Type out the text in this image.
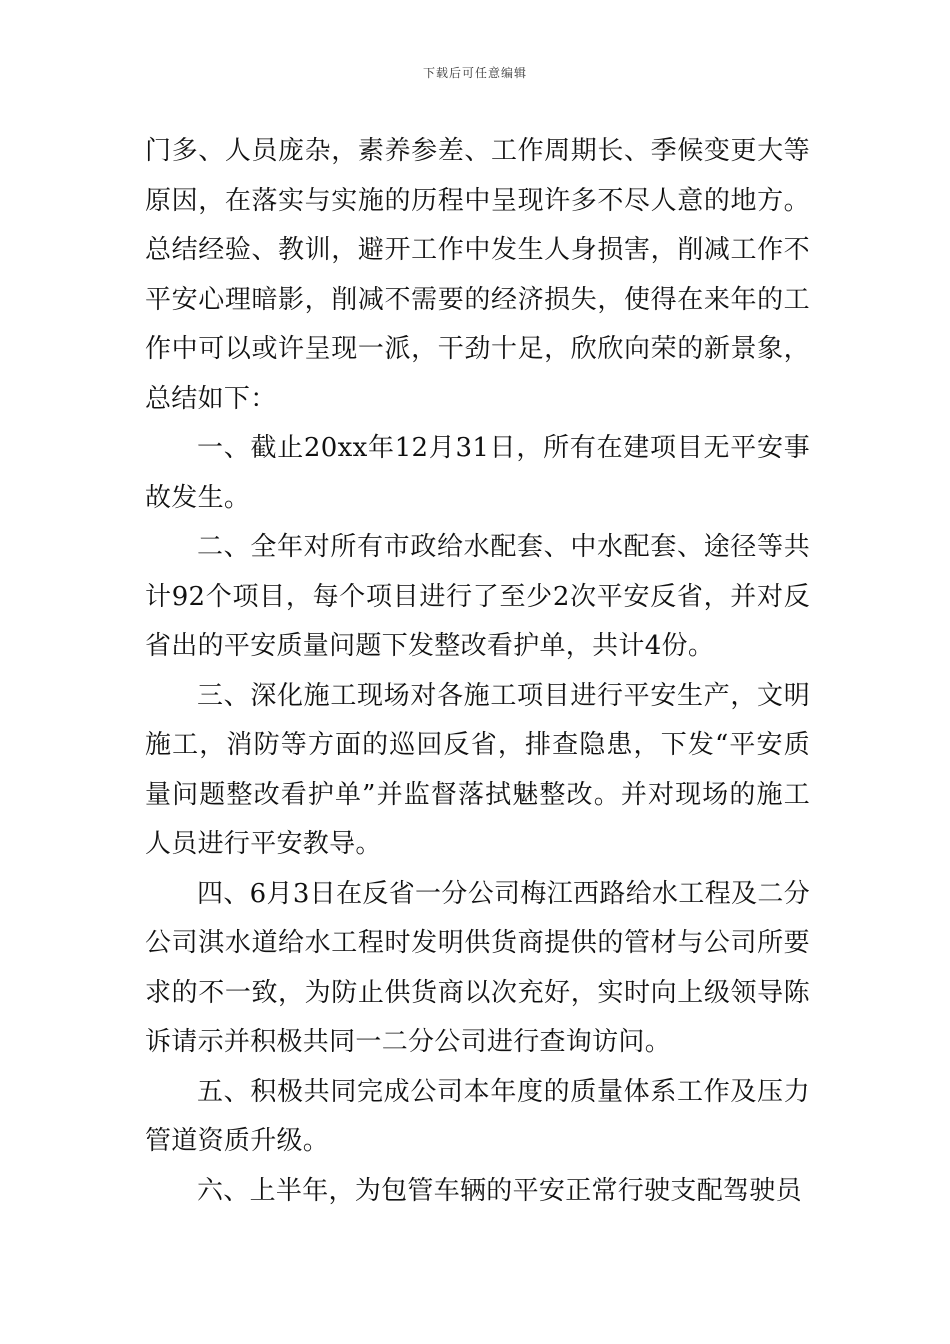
下载后可任意编辑

门多、人员庞杂，素养参差、工作周期长、季候变更大等原因，在落实与实施的历程中呈现许多不尽人意的地方。总结经验、教训，避开工作中发生人身损害，削减工作不平安心理暗影，削减不需要的经济损失，使得在来年的工作中可以或许呈现一派，干劲十足，欣欣向荣的新景象，总结如下：

一、截止20xx年12月31日，所有在建项目无平安事故发生。

二、全年对所有市政给水配套、中水配套、途径等共计92个项目，每个项目进行了至少2次平安反省，并对反省出的平安质量问题下发整改看护单，共计4份。

三、深化施工现场对各施工项目进行平安生产，文明施工，消防等方面的巡回反省，排查隐患，下发“平安质量问题整改看护单”并监督落拭魅整改。并对现场的施工人员进行平安教导。

四、6月3日在反省一分公司梅江西路给水工程及二分公司淇水道给水工程时发明供货商提供的管材与公司所要求的不一致，为防止供货商以次充好，实时向上级领导陈诉请示并积极共同一二分公司进行查询访问。

五、积极共同完成公司本年度的质量体系工作及压力管道资质升级。

六、上半年，为包管车辆的平安正常行驶支配驾驶员
